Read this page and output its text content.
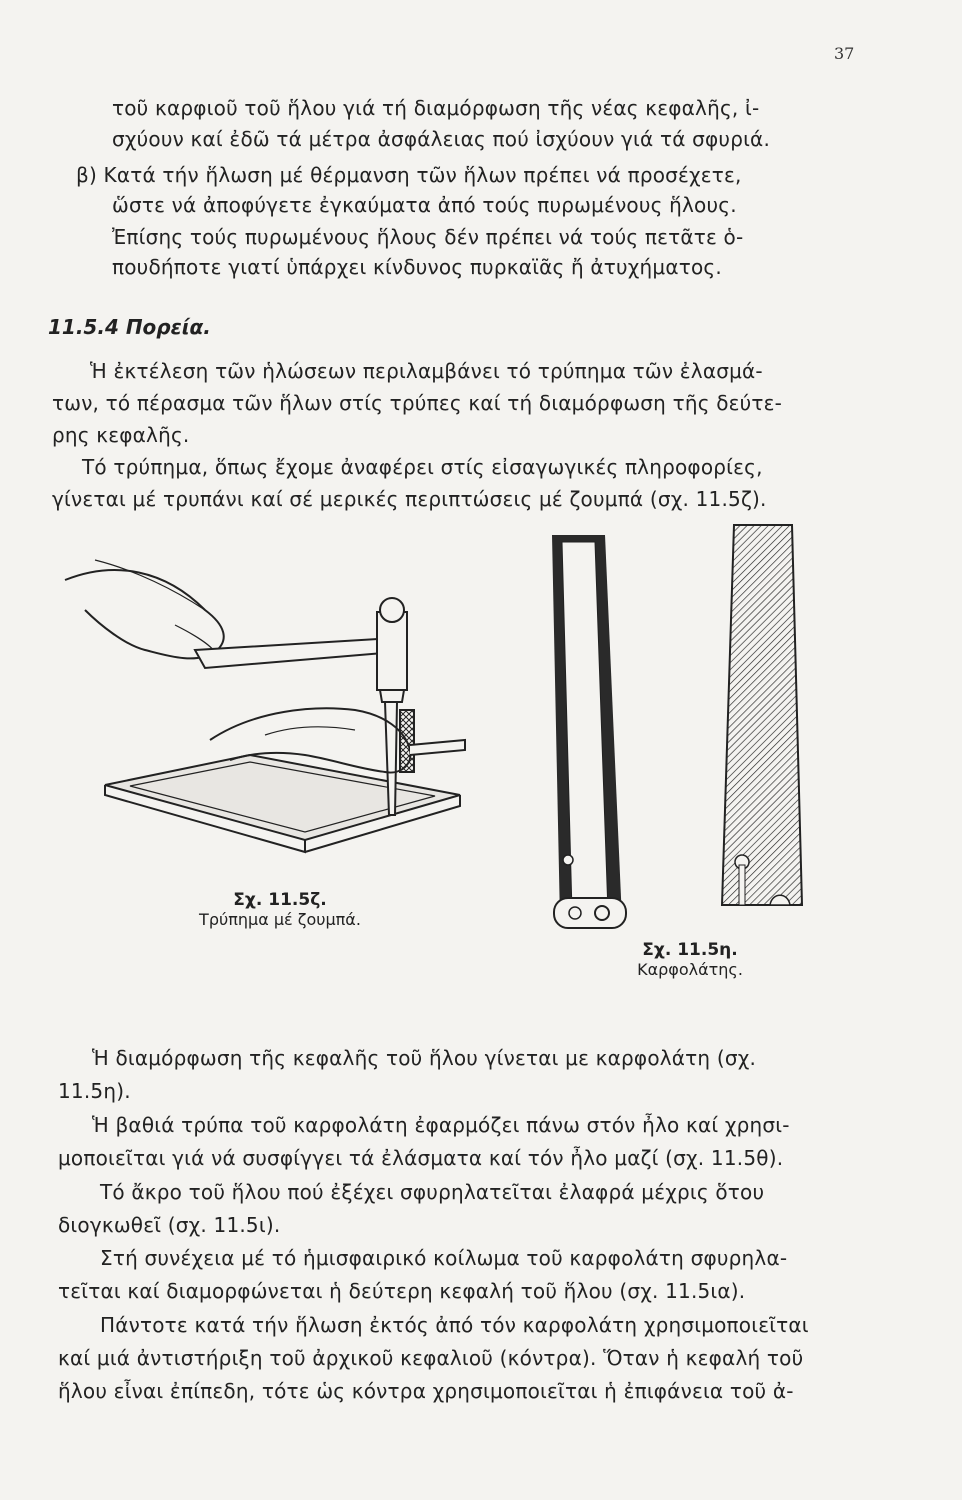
37

τοῦ καρφιοῦ τοῦ ἥλου γιά τή διαμόρφωση τῆς νέας κεφαλῆς, ἰ-

σχύουν καί ἐδῶ τά μέτρα ἀσφάλειας πού ἰσχύουν γιά τά σφυριά.

β) Κατά τήν ἥλωση μέ θέρμανση τῶν ἥλων πρέπει νά προσέχετε,

ὥστε νά ἀποφύγετε ἐγκαύματα ἀπό τούς πυρωμένους ἥλους.

Ἐπίσης τούς πυρωμένους ἥλους δέν πρέπει νά τούς πετᾶτε ὁ-

πουδήποτε γιατί ὑπάρχει κίνδυνος πυρκαϊᾶς ἤ ἀτυχήματος.

11.5.4 Πορεία.

Ἡ ἐκτέλεση τῶν ἡλώσεων περιλαμβάνει τό τρύπημα τῶν ἐλασμά-

των, τό πέρασμα τῶν ἥλων στίς τρύπες καί τή διαμόρφωση τῆς δεύτε-

ρης κεφαλῆς.

Τό τρύπημα, ὅπως ἔχομε ἀναφέρει στίς εἰσαγωγικές πληροφορίες,

γίνεται μέ τρυπάνι καί σέ μερικές περιπτώσεις μέ ζουμπά (σχ. 11.5ζ).

Σχ. 11.5ζ.
Τρύπημα μέ ζουμπά.
Σχ. 11.5η.
Καρφολάτης.

Ἡ διαμόρφωση τῆς κεφαλῆς τοῦ ἥλου γίνεται με καρφολάτη (σχ.

11.5η).

Ἡ βαθιά τρύπα τοῦ καρφολάτη ἐφαρμόζει πάνω στόν ἦλο καί χρησι-

μοποιεῖται γιά νά συσφίγγει τά ἐλάσματα καί τόν ἦλο μαζί (σχ. 11.5θ).

Τό ἄκρο τοῦ ἥλου πού ἐξέχει σφυρηλατεῖται ἐλαφρά μέχρις ὅτου

διογκωθεῖ (σχ. 11.5ι).

Στή συνέχεια μέ τό ἡμισφαιρικό κοίλωμα τοῦ καρφολάτη σφυρηλα-

τεῖται καί διαμορφώνεται ἡ δεύτερη κεφαλή τοῦ ἥλου (σχ. 11.5ια).

Πάντοτε κατά τήν ἥλωση ἐκτός ἀπό τόν καρφολάτη χρησιμοποιεῖται

καί μιά ἀντιστήριξη τοῦ ἀρχικοῦ κεφαλιοῦ (κόντρα). Ὅταν ἡ κεφαλή τοῦ

ἥλου εἶναι ἐπίπεδη, τότε ὡς κόντρα χρησιμοποιεῖται ἡ ἐπιφάνεια τοῦ ἀ-
